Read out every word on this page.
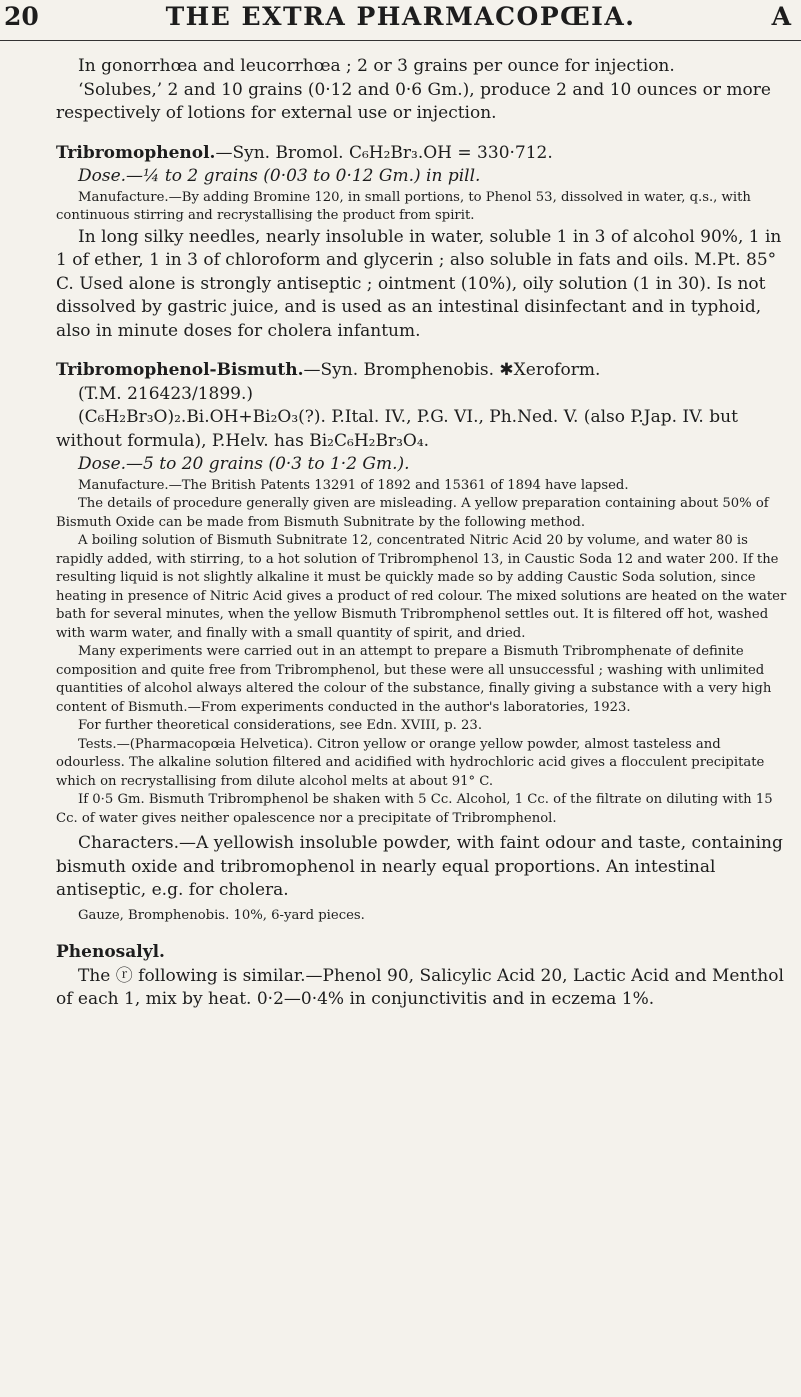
20	THE EXTRA PHARMACOPŒIA.	A

In gonorrhœa and leucorrhœa ; 2 or 3 grains per ounce for injection.

‘Solubes,’ 2 and 10 grains (0·12 and 0·6 Gm.), produce 2 and 10 ounces or more respectively of lotions for external use or injection.

Tribromophenol.—Syn. Bromol. C₆H₂Br₃.OH = 330·712.

Dose.—¼ to 2 grains (0·03 to 0·12 Gm.) in pill.

Manufacture.—By adding Bromine 120, in small portions, to Phenol 53, dissolved in water, q.s., with continuous stirring and recrystallising the product from spirit.

In long silky needles, nearly insoluble in water, soluble 1 in 3 of alcohol 90%, 1 in 1 of ether, 1 in 3 of chloroform and glycerin ; also soluble in fats and oils. M.Pt. 85° C. Used alone is strongly antiseptic ; ointment (10%), oily solution (1 in 30). Is not dissolved by gastric juice, and is used as an intestinal disinfectant and in typhoid, also in minute doses for cholera infantum.

Tribromophenol-Bismuth.—Syn. Bromphenobis. ✱Xeroform.

(T.M. 216423/1899.)

(C₆H₂Br₃O)₂.Bi.OH+Bi₂O₃(?). P.Ital. IV., P.G. VI., Ph.Ned. V. (also P.Jap. IV. but without formula), P.Helv. has Bi₂C₆H₂Br₃O₄.

Dose.—5 to 20 grains (0·3 to 1·2 Gm.).

Manufacture.—The British Patents 13291 of 1892 and 15361 of 1894 have lapsed.

The details of procedure generally given are misleading. A yellow preparation containing about 50% of Bismuth Oxide can be made from Bismuth Subnitrate by the following method.

A boiling solution of Bismuth Subnitrate 12, concentrated Nitric Acid 20 by volume, and water 80 is rapidly added, with stirring, to a hot solution of Tribromphenol 13, in Caustic Soda 12 and water 200. If the resulting liquid is not slightly alkaline it must be quickly made so by adding Caustic Soda solution, since heating in presence of Nitric Acid gives a product of red colour. The mixed solutions are heated on the water bath for several minutes, when the yellow Bismuth Tribromphenol settles out. It is filtered off hot, washed with warm water, and finally with a small quantity of spirit, and dried.

Many experiments were carried out in an attempt to prepare a Bismuth Tribromphenate of definite composition and quite free from Tribromphenol, but these were all unsuccessful ; washing with unlimited quantities of alcohol always altered the colour of the substance, finally giving a substance with a very high content of Bismuth.—From experiments conducted in the author's laboratories, 1923.

For further theoretical considerations, see Edn. XVIII, p. 23.

Tests.—(Pharmacopœia Helvetica). Citron yellow or orange yellow powder, almost tasteless and odourless. The alkaline solution filtered and acidified with hydrochloric acid gives a flocculent precipitate which on recrystallising from dilute alcohol melts at about 91° C.

If 0·5 Gm. Bismuth Tribromphenol be shaken with 5 Cc. Alcohol, 1 Cc. of the filtrate on diluting with 15 Cc. of water gives neither opalescence nor a precipitate of Tribromphenol.

Characters.—A yellowish insoluble powder, with faint odour and taste, containing bismuth oxide and tribromophenol in nearly equal proportions. An intestinal antiseptic, e.g. for cholera.

Gauze, Bromphenobis. 10%, 6-yard pieces.

Phenosalyl.

The ⓡ following is similar.—Phenol 90, Salicylic Acid 20, Lactic Acid and Menthol of each 1, mix by heat. 0·2—0·4% in conjunctivitis and in eczema 1%.
